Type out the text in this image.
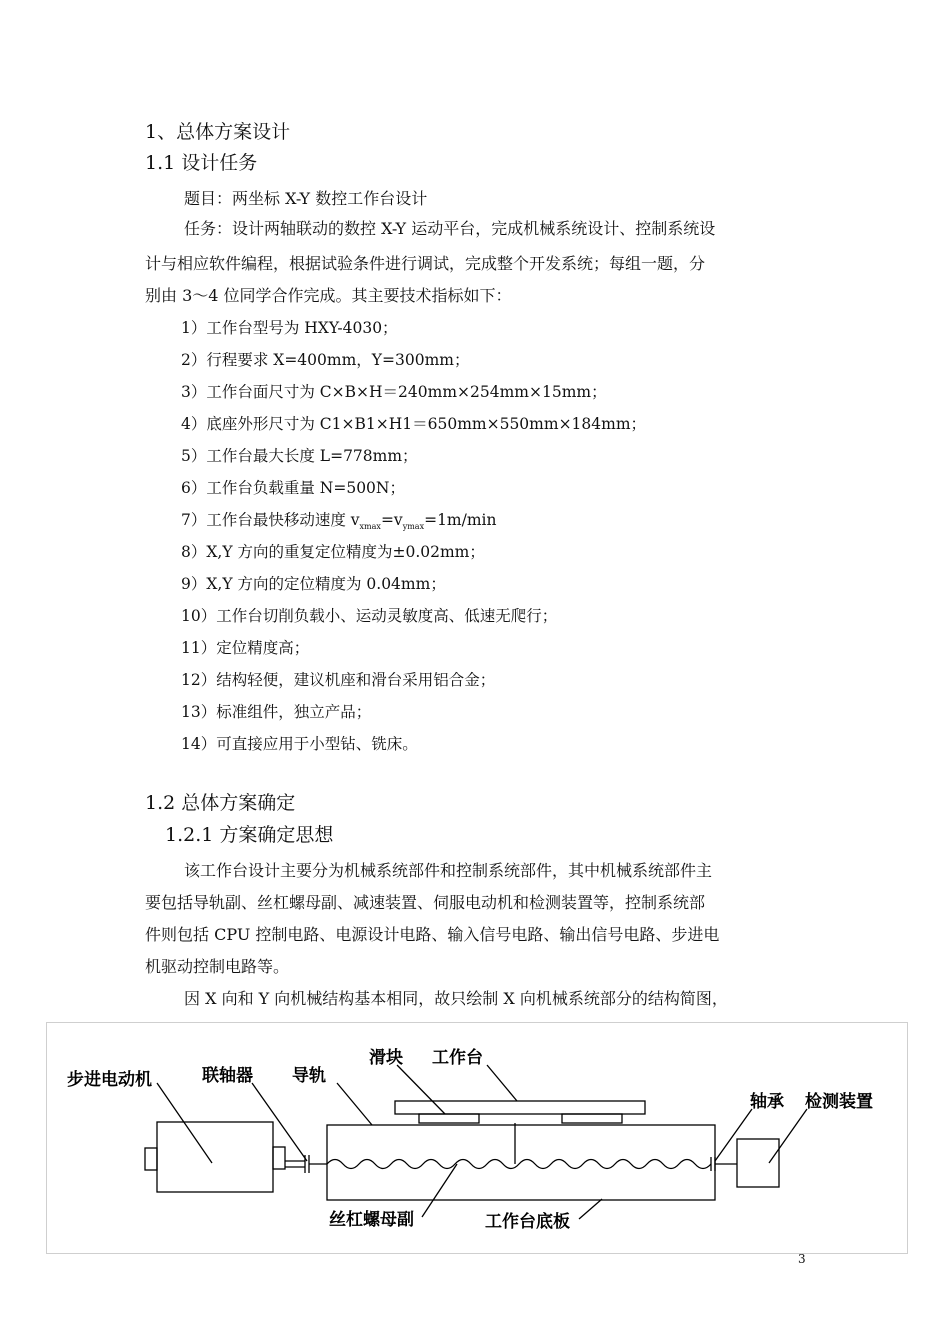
1、总体方案设计
1.1 设计任务
题目：两坐标 X-Y 数控工作台设计
任务：设计两轴联动的数控 X-Y 运动平台，完成机械系统设计、控制系统设
计与相应软件编程，根据试验条件进行调试，完成整个开发系统；每组一题，分
别由 3～4 位同学合作完成。其主要技术指标如下：
1）工作台型号为 HXY-4030；
2）行程要求 X=400mm，Y=300mm；
3）工作台面尺寸为 C×B×H＝240mm×254mm×15mm；
4）底座外形尺寸为 C1×B1×H1＝650mm×550mm×184mm；
5）工作台最大长度 L=778mm；
6）工作台负载重量 N=500N；
7）工作台最快移动速度 $v_{xmax}=v_{ymax}=1m/\min$
8）X,Y 方向的重复定位精度为±0.02mm；
9）X,Y 方向的定位精度为 0.04mm；
10）工作台切削负载小、运动灵敏度高、低速无爬行；
11）定位精度高；
12）结构轻便，建议机座和滑台采用铝合金；
13）标准组件，独立产品；
14）可直接应用于小型钻、铣床。
1.2 总体方案确定
1.2.1 方案确定思想
该工作台设计主要分为机械系统部件和控制系统部件，其中机械系统部件主
要包括导轨副、丝杠螺母副、减速装置、伺服电动机和检测装置等，控制系统部
件则包括 CPU 控制电路、电源设计电路、输入信号电路、输出信号电路、步进电
机驱动控制电路等。
因 X 向和 Y 向机械结构基本相同，故只绘制 X 向机械系统部分的结构简图，
步进电动机	联轴器 导轨
滑块 工作台
轴承 检测装置
丝杠螺母副	工作台底板
3
